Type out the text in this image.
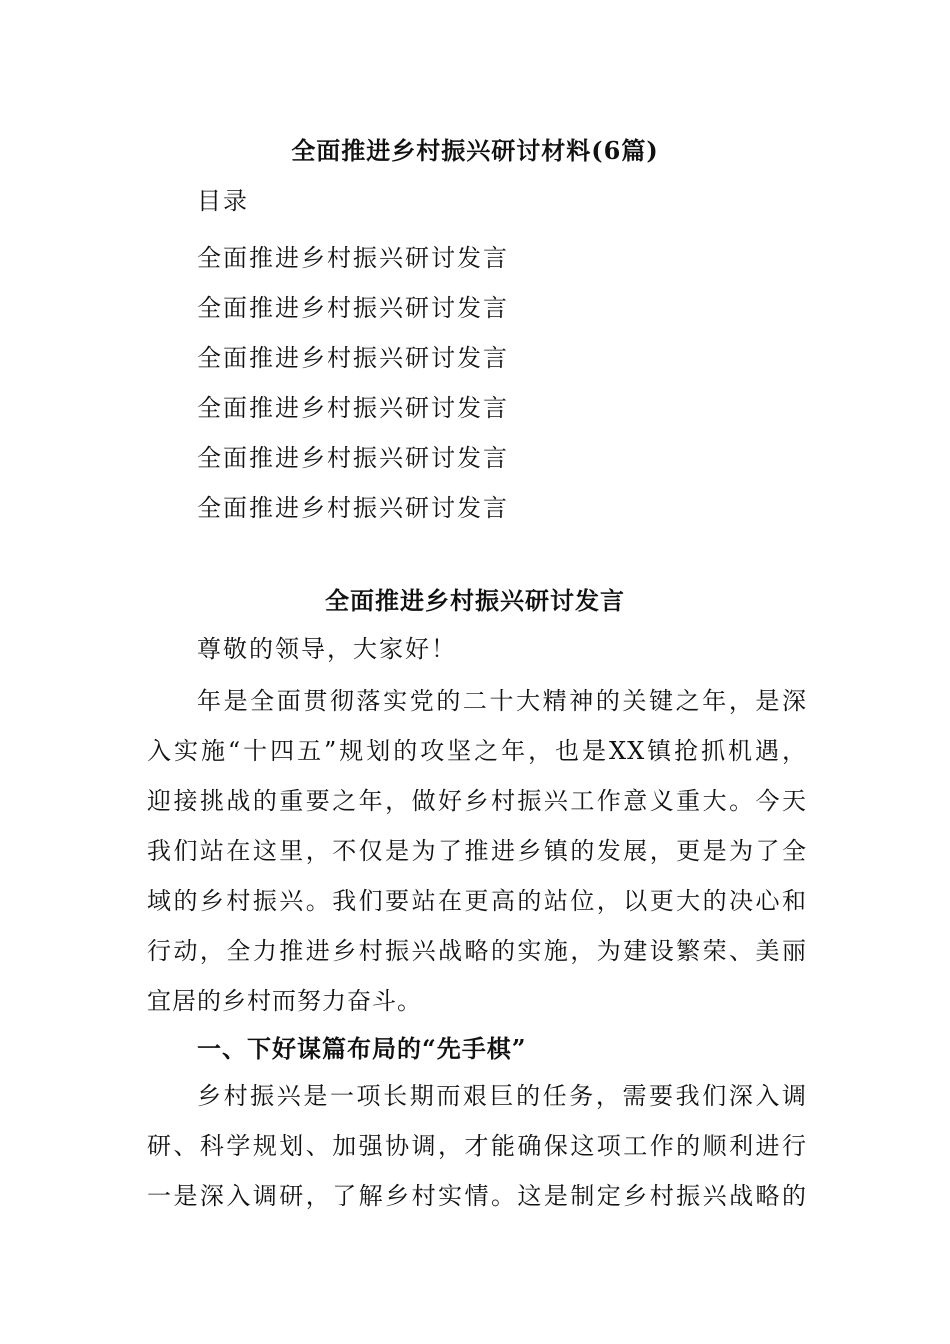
全面推进乡村振兴研讨材料(6篇)
目录
全面推进乡村振兴研讨发言
全面推进乡村振兴研讨发言
全面推进乡村振兴研讨发言
全面推进乡村振兴研讨发言
全面推进乡村振兴研讨发言
全面推进乡村振兴研讨发言
全面推进乡村振兴研讨发言
尊敬的领导，大家好！
年是全面贯彻落实党的二十大精神的关键之年，是深
入实施“十四五”规划的攻坚之年，也是XX镇抢抓机遇，
迎接挑战的重要之年，做好乡村振兴工作意义重大。今天
我们站在这里，不仅是为了推进乡镇的发展，更是为了全
域的乡村振兴。我们要站在更高的站位，以更大的决心和
行动，全力推进乡村振兴战略的实施，为建设繁荣、美丽
宜居的乡村而努力奋斗。
一、下好谋篇布局的“先手棋”
乡村振兴是一项长期而艰巨的任务，需要我们深入调
研、科学规划、加强协调，才能确保这项工作的顺利进行
一是深入调研，了解乡村实情。这是制定乡村振兴战略的
